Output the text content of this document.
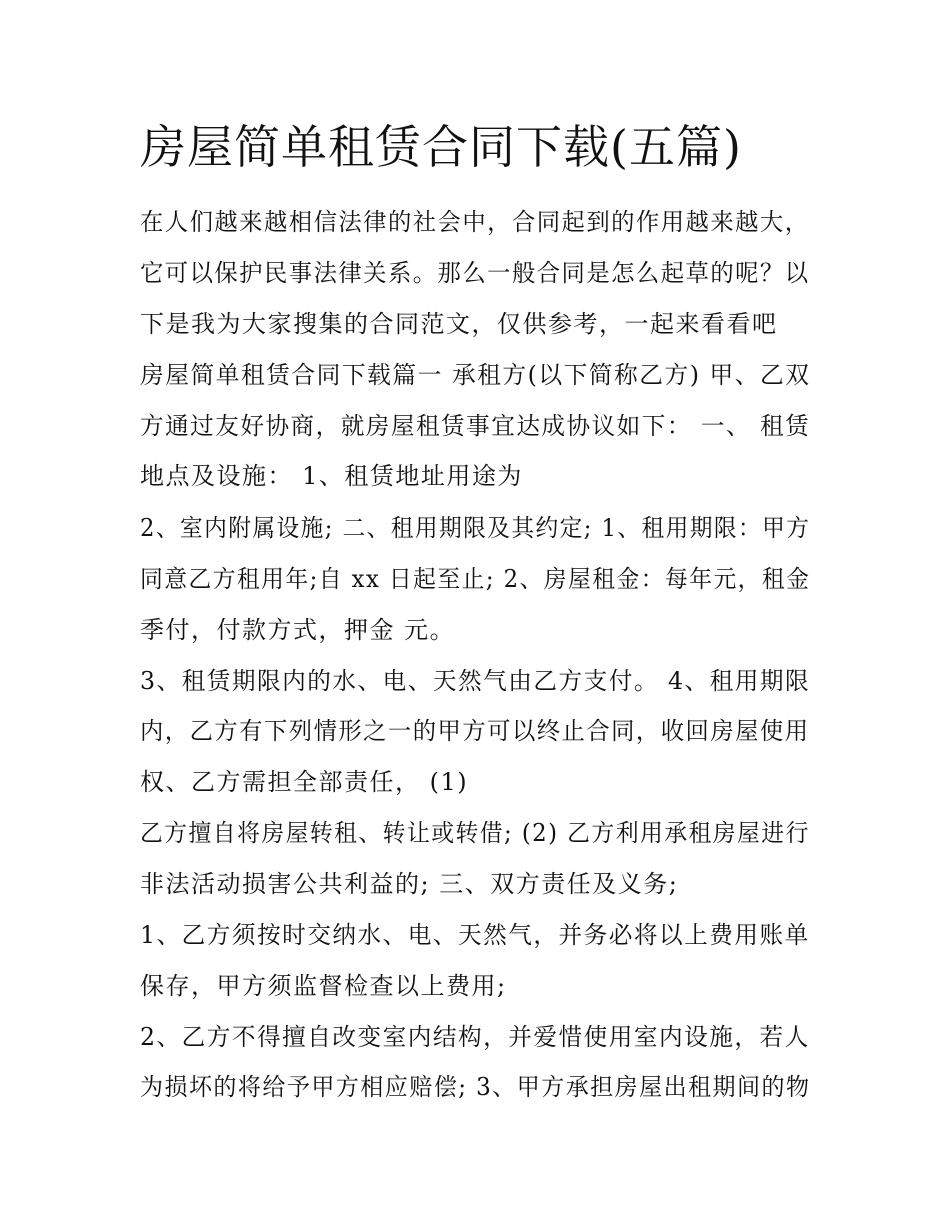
房屋简单租赁合同下载(五篇)
在人们越来越相信法律的社会中，合同起到的作用越来越大，
它可以保护民事法律关系。那么一般合同是怎么起草的呢？以
下是我为大家搜集的合同范文，仅供参考，一起来看看吧
房屋简单租赁合同下载篇一 承租方(以下简称乙方) 甲、乙双
方通过友好协商，就房屋租赁事宜达成协议如下： 一、 租赁
地点及设施： 1、租赁地址用途为
2、室内附属设施; 二、租用期限及其约定; 1、租用期限：甲方
同意乙方租用年;自 xx 日起至止; 2、房屋租金：每年元，租金
季付，付款方式，押金 元。
3、租赁期限内的水、电、天然气由乙方支付。 4、租用期限
内，乙方有下列情形之一的甲方可以终止合同，收回房屋使用
权、乙方需担全部责任， (1)
乙方擅自将房屋转租、转让或转借; (2) 乙方利用承租房屋进行
非法活动损害公共利益的; 三、双方责任及义务;
1、乙方须按时交纳水、电、天然气，并务必将以上费用账单
保存，甲方须监督检查以上费用;
2、乙方不得擅自改变室内结构，并爱惜使用室内设施，若人
为损坏的将给予甲方相应赔偿; 3、甲方承担房屋出租期间的物
